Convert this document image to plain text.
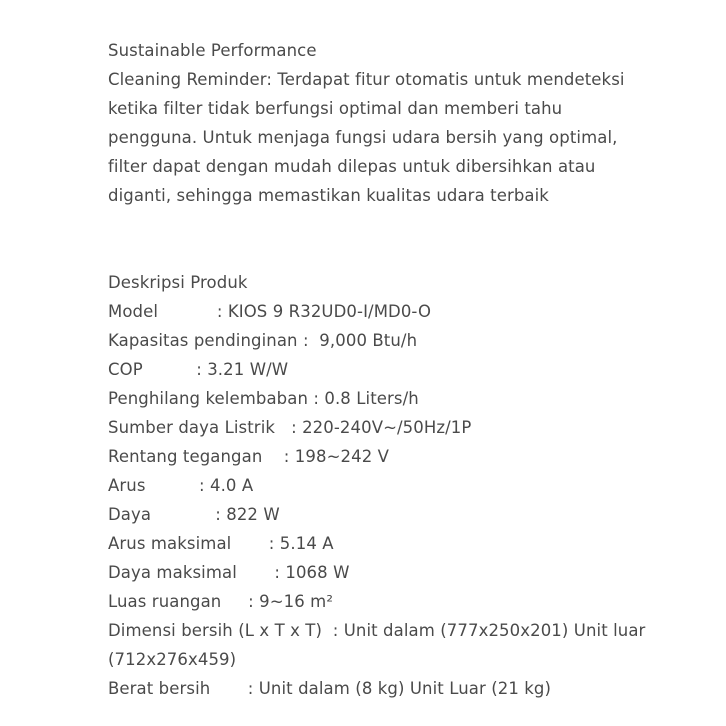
Sustainable Performance
Cleaning Reminder: Terdapat fitur otomatis untuk mendeteksi
ketika filter tidak berfungsi optimal dan memberi tahu
pengguna. Untuk menjaga fungsi udara bersih yang optimal,
filter dapat dengan mudah dilepas untuk dibersihkan atau
diganti, sehingga memastikan kualitas udara terbaik
Deskripsi Produk
Model           : KIOS 9 R32UD0-I/MD0-O
Kapasitas pendinginan :  9,000 Btu/h
COP          : 3.21 W/W
Penghilang kelembaban : 0.8 Liters/h
Sumber daya Listrik   : 220-240V~/50Hz/1P
Rentang tegangan    : 198~242 V
Arus          : 4.0 A
Daya            : 822 W
Arus maksimal       : 5.14 A
Daya maksimal       : 1068 W
Luas ruangan     : 9~16 m²
Dimensi bersih (L x T x T)  : Unit dalam (777x250x201) Unit luar
(712x276x459)
Berat bersih       : Unit dalam (8 kg) Unit Luar (21 kg)
